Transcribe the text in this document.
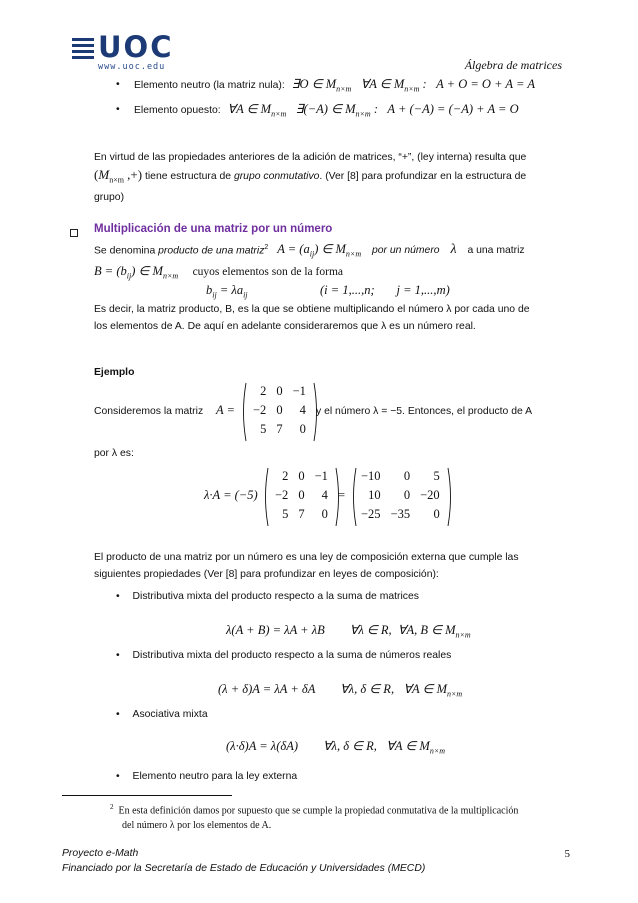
UOC
www.uoc.edu	Álgebra de matrices
• Elemento neutro (la matriz nula): ∃O ∈ $M_{n\times m}$   ∀A ∈ $M_{n\times m}$ :   A + O = O + A = A
• Elemento opuesto: ∀A ∈ $M_{n\times m}$   ∃(−A) ∈ $M_{n\times m}$ :   A + (−A) = (−A) + A = O
En virtud de las propiedades anteriores de la adición de matrices, “+”, (ley interna) resulta que
($M_{n\times m}$ ,+) tiene estructura de grupo conmutativo. (Ver [8] para profundizar en la estructura de
grupo)
Multiplicación de una matriz por un número
Se denomina producto de una matriz$^2$ $A = (a_{ij})$ ∈ $M_{n\times m}$ por un número λ a una matriz
$B = (b_{ij})$ ∈ $M_{n\times m}$ cuyos elementos son de la forma
$b_{ij} = \lambda a_{ij}$	(i = 1,...,n;       j = 1,...,m)
Es decir, la matriz producto, B, es la que se obtiene multiplicando el número λ por cada uno de
los elementos de A. De aquí en adelante consideraremos que λ es un número real.
Ejemplo
Consideremos la matriz A =
2	0	−1
−2	0	4
5	7	0
y el número λ = −5. Entonces, el producto de A
por λ es:
λ·A = (−5)
2	0	−1
−2	0	4
5	7	0
=
−10	0	5
10	0	−20
−25	−35	0
El producto de una matriz por un número es una ley de composición externa que cumple las
siguientes propiedades (Ver [8] para profundizar en leyes de composición):
• Distributiva mixta del producto respecto a la suma de matrices
λ(A + B) = λA + λB        ∀λ ∈ R,  ∀A, B ∈ $M_{n\times m}$
• Distributiva mixta del producto respecto a la suma de números reales
(λ + δ)A = λA + δA        ∀λ, δ ∈ R,   ∀A ∈ $M_{n\times m}$
• Asociativa mixta
(λ·δ)A = λ(δA)        ∀λ, δ ∈ R,   ∀A ∈ $M_{n\times m}$
• Elemento neutro para la ley externa
$^2$ En esta definición damos por supuesto que se cumple la propiedad conmutativa de la multiplicación
del número λ por los elementos de A.
Proyecto e-Math
Financiado por la Secretaría de Estado de Educación y Universidades (MECD)
5
